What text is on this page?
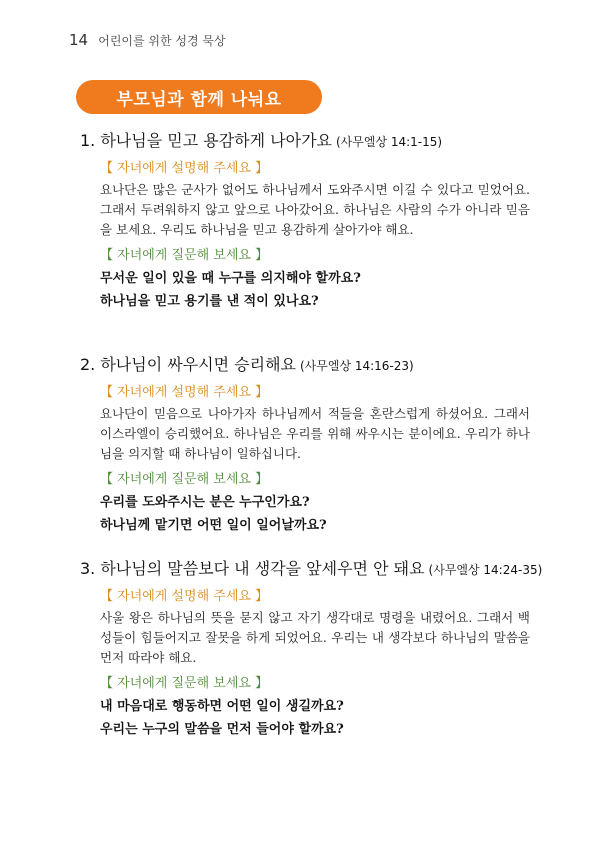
14 어린이를 위한 성경 묵상
부모님과 함께 나눠요
1. 하나님을 믿고 용감하게 나아가요 (사무엘상 14:1-15)
【 자녀에게 설명해 주세요 】
요나단은 많은 군사가 없어도 하나님께서 도와주시면 이길 수 있다고 믿었어요. 그래서 두려워하지 않고 앞으로 나아갔어요. 하나님은 사람의 수가 아니라 믿음을 보세요. 우리도 하나님을 믿고 용감하게 살아가야 해요.
【 자녀에게 질문해 보세요 】
무서운 일이 있을 때 누구를 의지해야 할까요?
하나님을 믿고 용기를 낸 적이 있나요?
2. 하나님이 싸우시면 승리해요 (사무엘상 14:16-23)
【 자녀에게 설명해 주세요 】
요나단이 믿음으로 나아가자 하나님께서 적들을 혼란스럽게 하셨어요. 그래서 이스라엘이 승리했어요. 하나님은 우리를 위해 싸우시는 분이에요. 우리가 하나님을 의지할 때 하나님이 일하십니다.
【 자녀에게 질문해 보세요 】
우리를 도와주시는 분은 누구인가요?
하나님께 맡기면 어떤 일이 일어날까요?
3. 하나님의 말씀보다 내 생각을 앞세우면 안 돼요 (사무엘상 14:24-35)
【 자녀에게 설명해 주세요 】
사울 왕은 하나님의 뜻을 묻지 않고 자기 생각대로 명령을 내렸어요. 그래서 백성들이 힘들어지고 잘못을 하게 되었어요. 우리는 내 생각보다 하나님의 말씀을 먼저 따라야 해요.
【 자녀에게 질문해 보세요 】
내 마음대로 행동하면 어떤 일이 생길까요?
우리는 누구의 말씀을 먼저 들어야 할까요?
